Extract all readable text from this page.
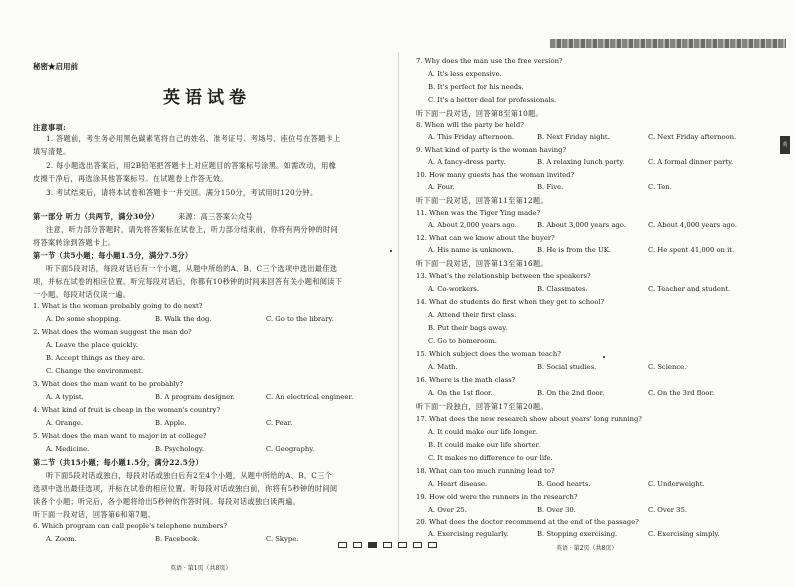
英
秘密★启用前
英语试卷
注意事项:
1. 答题前，考生务必用黑色碳素笔将自己的姓名、准考证号、考场号、座位号在答题卡上
填写清楚。
2. 每小题选出答案后，用2B铅笔把答题卡上对应题目的答案标号涂黑。如需改动，用橡
皮擦干净后，再选涂其他答案标号。在试题卷上作答无效。
3. 考试结束后，请将本试卷和答题卡一并交回。满分150分，考试用时120分钟。
第一部分 听力（共两节，满分30分）	来源：高三答案公众号
注意，听力部分答题时，请先将答案标在试卷上，听力部分结束前，你将有两分钟的时间
将答案转涂到答题卡上。
第一节（共5小题；每小题1.5分，满分7.5分）
听下面5段对话，每段对话后有一个小题，从题中所给的A、B、C三个选项中选出最佳选
项，并标在试卷的相应位置。听完每段对话后，你都有10秒钟的时间来回答有关小题和阅读下
一小题。每段对话仅读一遍。
1. What is the woman probably going to do next?
A. Do some shopping.	B. Walk the dog.	C. Go to the library.
2. What does the woman suggest the man do?
A. Leave the place quickly.
B. Accept things as they are.
C. Change the environment.
3. What does the man want to be probably?
A. A typist.	B. A program designer.	C. An electrical engineer.
4. What kind of fruit is cheap in the woman's country?
A. Orange.	B. Apple.	C. Pear.
5. What does the man want to major in at college?
A. Medicine.	B. Psychology.	C. Geography.
第二节（共15小题；每小题1.5分，满分22.5分）
听下面5段对话或独白，每段对话或独白后有2至4个小题，从题中所给的A、B、C三个
选项中选出最佳选项，并标在试卷的相应位置。听每段对话或独白前，你将有5秒钟的时间阅
读各个小题；听完后，各小题将给出5秒钟的作答时间。每段对话或独白读两遍。
听下面一段对话，回答第6和第7题。
6. Which program can call people's telephone numbers?
A. Zoom.	B. Facebook.	C. Skype.
英语 · 第1页（共8页）
7. Why does the man use the free version?
A. It's less expensive.
B. It's perfect for his needs.
C. It's a better deal for professionals.
听下面一段对话，回答第8至第10题。
8. When will the party be held?
A. This Friday afternoon.	B. Next Friday night.	C. Next Friday afternoon.
9. What kind of party is the woman having?
A. A fancy-dress party.	B. A relaxing lunch party.	C. A formal dinner party.
10. How many guests has the woman invited?
A. Four.	B. Five.	C. Ten.
听下面一段对话，回答第11至第12题。
11. When was the Tiger Ying made?
A. About 2,000 years ago.	B. About 3,000 years ago.	C. About 4,000 years ago.
12. What can we know about the buyer?
A. His name is unknown.	B. He is from the UK.	C. He spent 41,000 on it.
听下面一段对话，回答第13至第16题。
13. What's the relationship between the speakers?
A. Co-workers.	B. Classmates.	C. Teacher and student.
14. What do students do first when they get to school?
A. Attend their first class.
B. Put their bags away.
C. Go to homeroom.
15. Which subject does the woman teach?
A. Math.	B. Social studies.	C. Science.
16. Where is the math class?
A. On the 1st floor.	B. On the 2nd floor.	C. On the 3rd floor.
听下面一段独白，回答第17至第20题。
17. What does the new research show about years' long running?
A. It could make our life longer.
B. It could make our life shorter.
C. It makes no difference to our life.
18. What can too much running lead to?
A. Heart disease.	B. Good hearts.	C. Underweight.
19. How old were the runners in the research?
A. Over 25.	B. Over 30.	C. Over 35.
20. What does the doctor recommend at the end of the passage?
A. Exercising regularly.	B. Stopping exercising.	C. Exercising simply.
英语 · 第2页（共8页）
